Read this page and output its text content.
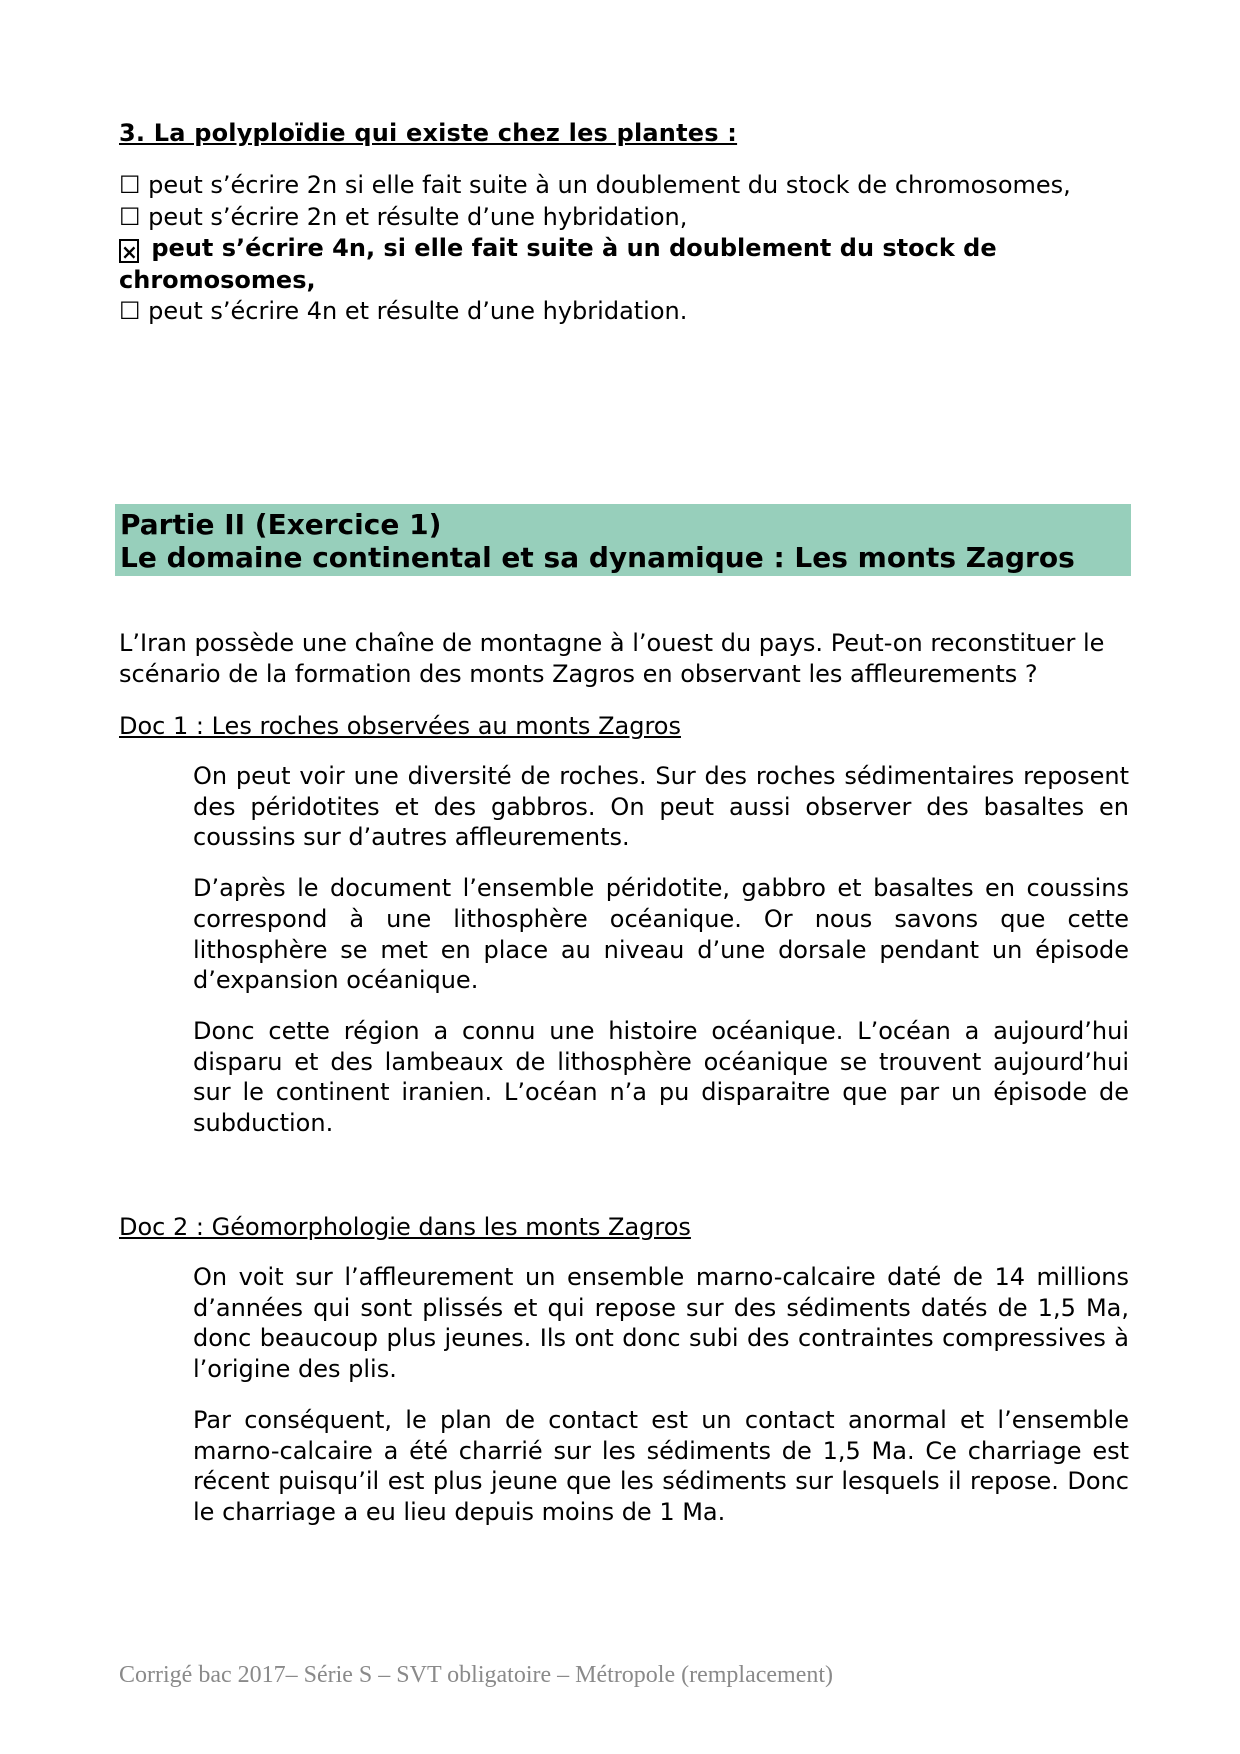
3. La polyploïdie qui existe chez les plantes :
☐ peut s’écrire 2n si elle fait suite à un doublement du stock de chromosomes,
☐ peut s’écrire 2n et résulte d’une hybridation,
× peut s’écrire 4n, si elle fait suite à un doublement du stock de chromosomes,
☐ peut s’écrire 4n et résulte d’une hybridation.
Partie II (Exercice 1)
Le domaine continental et sa dynamique : Les monts Zagros
L’Iran possède une chaîne de montagne à l’ouest du pays. Peut-on reconstituer le scénario de la formation des monts Zagros en observant les affleurements ?
Doc 1 : Les roches observées au monts Zagros

On peut voir une diversité de roches. Sur des roches sédimentaires reposent des péridotites et des gabbros. On peut aussi observer des basaltes en coussins sur d’autres affleurements.

D’après le document l’ensemble péridotite, gabbro et basaltes en coussins correspond à une lithosphère océanique. Or nous savons que cette lithosphère se met en place au niveau d’une dorsale pendant un épisode d’expansion océanique.

Donc cette région a connu une histoire océanique. L’océan a aujourd’hui disparu et des lambeaux de lithosphère océanique se trouvent aujourd’hui sur le continent iranien. L’océan n’a pu disparaitre que par un épisode de subduction.

Doc 2 : Géomorphologie dans les monts Zagros

On voit sur l’affleurement un ensemble marno-calcaire daté de 14 millions d’années qui sont plissés et qui repose sur des sédiments datés de 1,5 Ma, donc beaucoup plus jeunes. Ils ont donc subi des contraintes compressives à l’origine des plis.

Par conséquent, le plan de contact est un contact anormal et l’ensemble marno-calcaire a été charrié sur les sédiments de 1,5 Ma. Ce charriage est récent puisqu’il est plus jeune que les sédiments sur lesquels il repose. Donc le charriage a eu lieu depuis moins de 1 Ma.

Corrigé bac 2017– Série S – SVT obligatoire – Métropole (remplacement)
